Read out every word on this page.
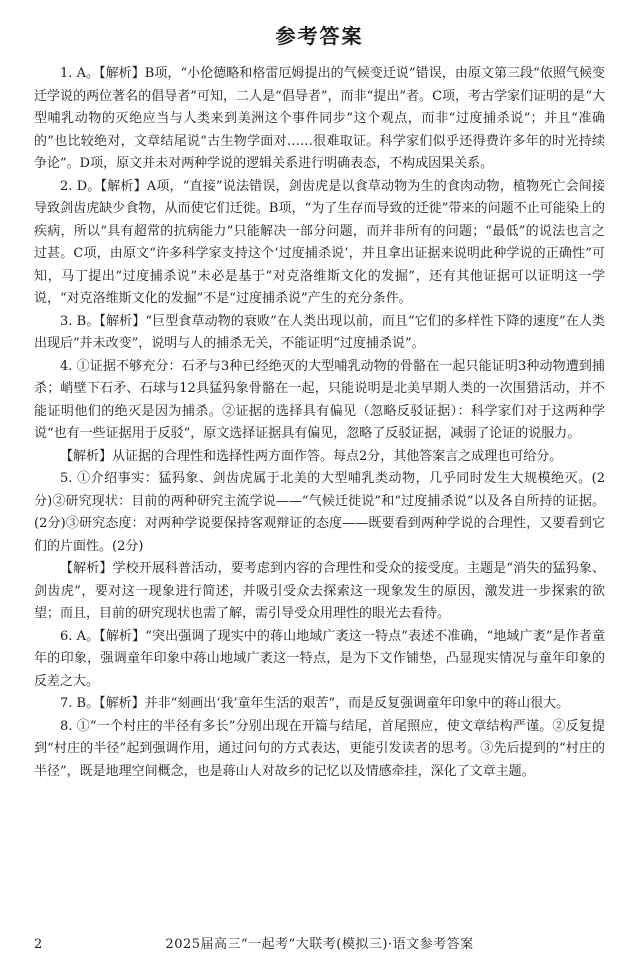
参考答案

1. A。【解析】B项，“小伦德略和格雷厄姆提出的气候变迁说”错误，由原文第三段“依照气候变迁学说的两位著名的倡导者”可知，二人是“倡导者”，而非“提出”者。C项，考古学家们证明的是“大型哺乳动物的灭绝应当与人类来到美洲这个事件同步”这个观点，而非“过度捕杀说”；并且“准确的”也比较绝对，文章结尾说“古生物学面对……很难取证。科学家们似乎还得费许多年的时光持续争论”。D项，原文并未对两种学说的逻辑关系进行明确表态，不构成因果关系。

2. D。【解析】A项，“直接”说法错误，剑齿虎是以食草动物为生的食肉动物，植物死亡会间接导致剑齿虎缺少食物，从而使它们迁徙。B项，“为了生存而导致的迁徙”带来的问题不止可能染上的疾病，所以“具有超常的抗病能力”只能解决一部分问题，而并非所有的问题；“最低”的说法也言之过甚。C项，由原文“许多科学家支持这个‘过度捕杀说’，并且拿出证据来说明此种学说的正确性”可知，马丁提出“过度捕杀说”未必是基于“对克洛维斯文化的发掘”，还有其他证据可以证明这一学说，“对克洛维斯文化的发掘”不是“过度捕杀说”产生的充分条件。

3. B。【解析】“巨型食草动物的衰败”在人类出现以前，而且“它们的多样性下降的速度”在人类出现后“并未改变”，说明与人的捕杀无关，不能证明“过度捕杀说”。

4. ①证据不够充分：石矛与3种已经绝灭的大型哺乳动物的骨骼在一起只能证明3种动物遭到捕杀；峭壁下石矛、石球与12具猛犸象骨骼在一起，只能说明是北美早期人类的一次围猎活动，并不能证明他们的绝灭是因为捕杀。②证据的选择具有偏见（忽略反驳证据）：科学家们对于这两种学说“也有一些证据用于反驳”，原文选择证据具有偏见，忽略了反驳证据，减弱了论证的说服力。

【解析】从证据的合理性和选择性两方面作答。每点2分，其他答案言之成理也可给分。

5. ①介绍事实：猛犸象、剑齿虎属于北美的大型哺乳类动物，几乎同时发生大规模绝灭。(2分)②研究现状：目前的两种研究主流学说——“气候迁徙说”和“过度捕杀说”以及各自所持的证据。(2分)③研究态度：对两种学说要保持客观辩证的态度——既要看到两种学说的合理性，又要看到它们的片面性。(2分)

【解析】学校开展科普活动，要考虑到内容的合理性和受众的接受度。主题是“消失的猛犸象、剑齿虎”，要对这一现象进行简述，并吸引受众去探索这一现象发生的原因，激发进一步探索的欲望；而且，目前的研究现状也需了解，需引导受众用理性的眼光去看待。

6. A。【解析】“突出强调了现实中的蒋山地域广袤这一特点”表述不准确，“地域广袤”是作者童年的印象，强调童年印象中蒋山地域广袤这一特点，是为下文作铺垫，凸显现实情况与童年印象的反差之大。

7. B。【解析】并非“刻画出‘我’童年生活的艰苦”，而是反复强调童年印象中的蒋山很大。

8. ①“一个村庄的半径有多长”分别出现在开篇与结尾，首尾照应，使文章结构严谨。②反复提到“村庄的半径”起到强调作用，通过问句的方式表达，更能引发读者的思考。③先后提到的“村庄的半径”，既是地理空间概念，也是蒋山人对故乡的记忆以及情感牵挂，深化了文章主题。

2	2025届高三“一起考”大联考(模拟三)·语文参考答案
